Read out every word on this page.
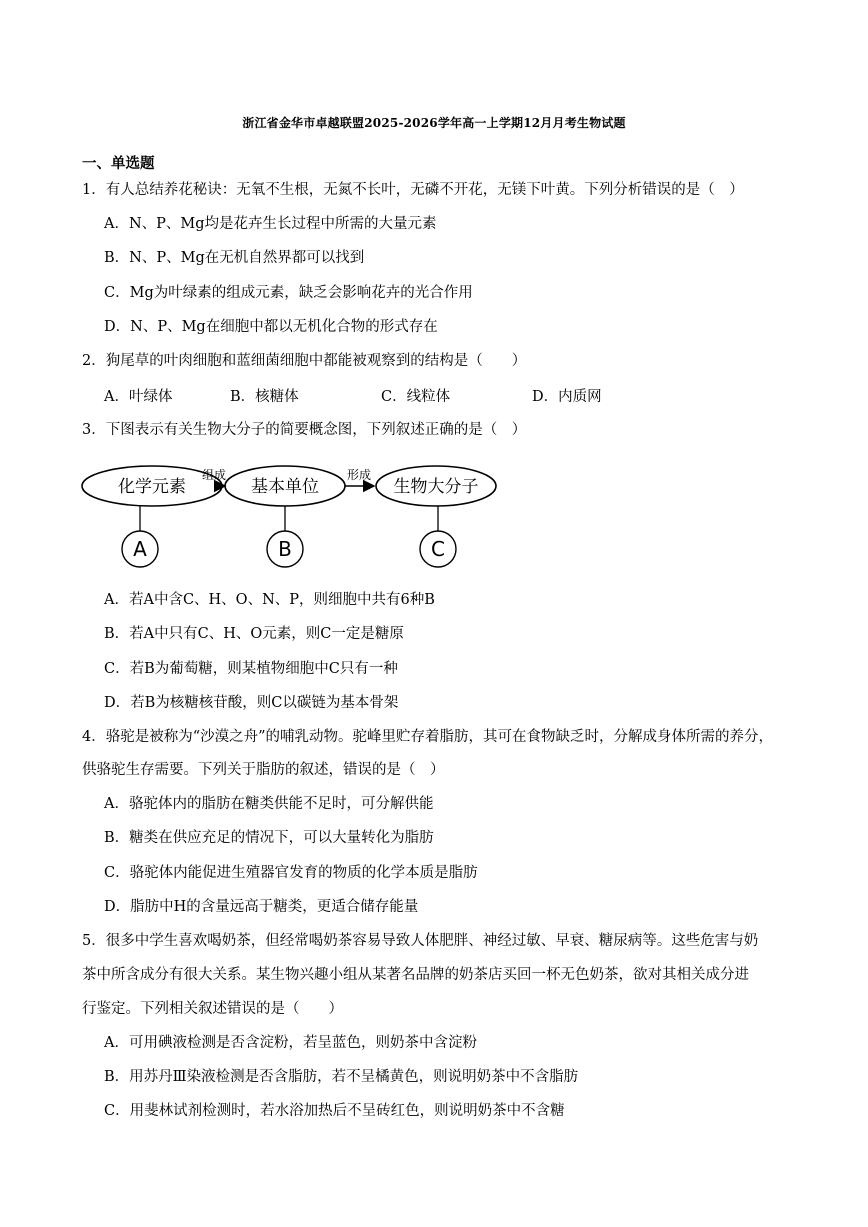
浙江省金华市卓越联盟2025-2026学年高一上学期12月月考生物试题
一、单选题
1．有人总结养花秘诀：无氧不生根，无氮不长叶，无磷不开花，无镁下叶黄。下列分析错误的是（　）
A．N、P、Mg均是花卉生长过程中所需的大量元素
B．N、P、Mg在无机自然界都可以找到
C．Mg为叶绿素的组成元素，缺乏会影响花卉的光合作用
D．N、P、Mg在细胞中都以无机化合物的形式存在
2．狗尾草的叶肉细胞和蓝细菌细胞中都能被观察到的结构是（　　）
A．叶绿体	B．核糖体	C．线粒体	D．内质网
3．下图表示有关生物大分子的简要概念图，下列叙述正确的是（　）
化学元素	基本单位	生物大分子
组成	形成
A	B	C
A．若A中含C、H、O、N、P，则细胞中共有6种B
B．若A中只有C、H、O元素，则C一定是糖原
C．若B为葡萄糖，则某植物细胞中C只有一种
D．若B为核糖核苷酸，则C以碳链为基本骨架
4．骆驼是被称为“沙漠之舟”的哺乳动物。驼峰里贮存着脂肪，其可在食物缺乏时，分解成身体所需的养分，
供骆驼生存需要。下列关于脂肪的叙述，错误的是（　）
A．骆驼体内的脂肪在糖类供能不足时，可分解供能
B．糖类在供应充足的情况下，可以大量转化为脂肪
C．骆驼体内能促进生殖器官发育的物质的化学本质是脂肪
D．脂肪中H的含量远高于糖类，更适合储存能量
5．很多中学生喜欢喝奶茶，但经常喝奶茶容易导致人体肥胖、神经过敏、早衰、糖尿病等。这些危害与奶
茶中所含成分有很大关系。某生物兴趣小组从某著名品牌的奶茶店买回一杯无色奶茶，欲对其相关成分进
行鉴定。下列相关叙述错误的是（　　）
A．可用碘液检测是否含淀粉，若呈蓝色，则奶茶中含淀粉
B．用苏丹Ⅲ染液检测是否含脂肪，若不呈橘黄色，则说明奶茶中不含脂肪
C．用斐林试剂检测时，若水浴加热后不呈砖红色，则说明奶茶中不含糖
